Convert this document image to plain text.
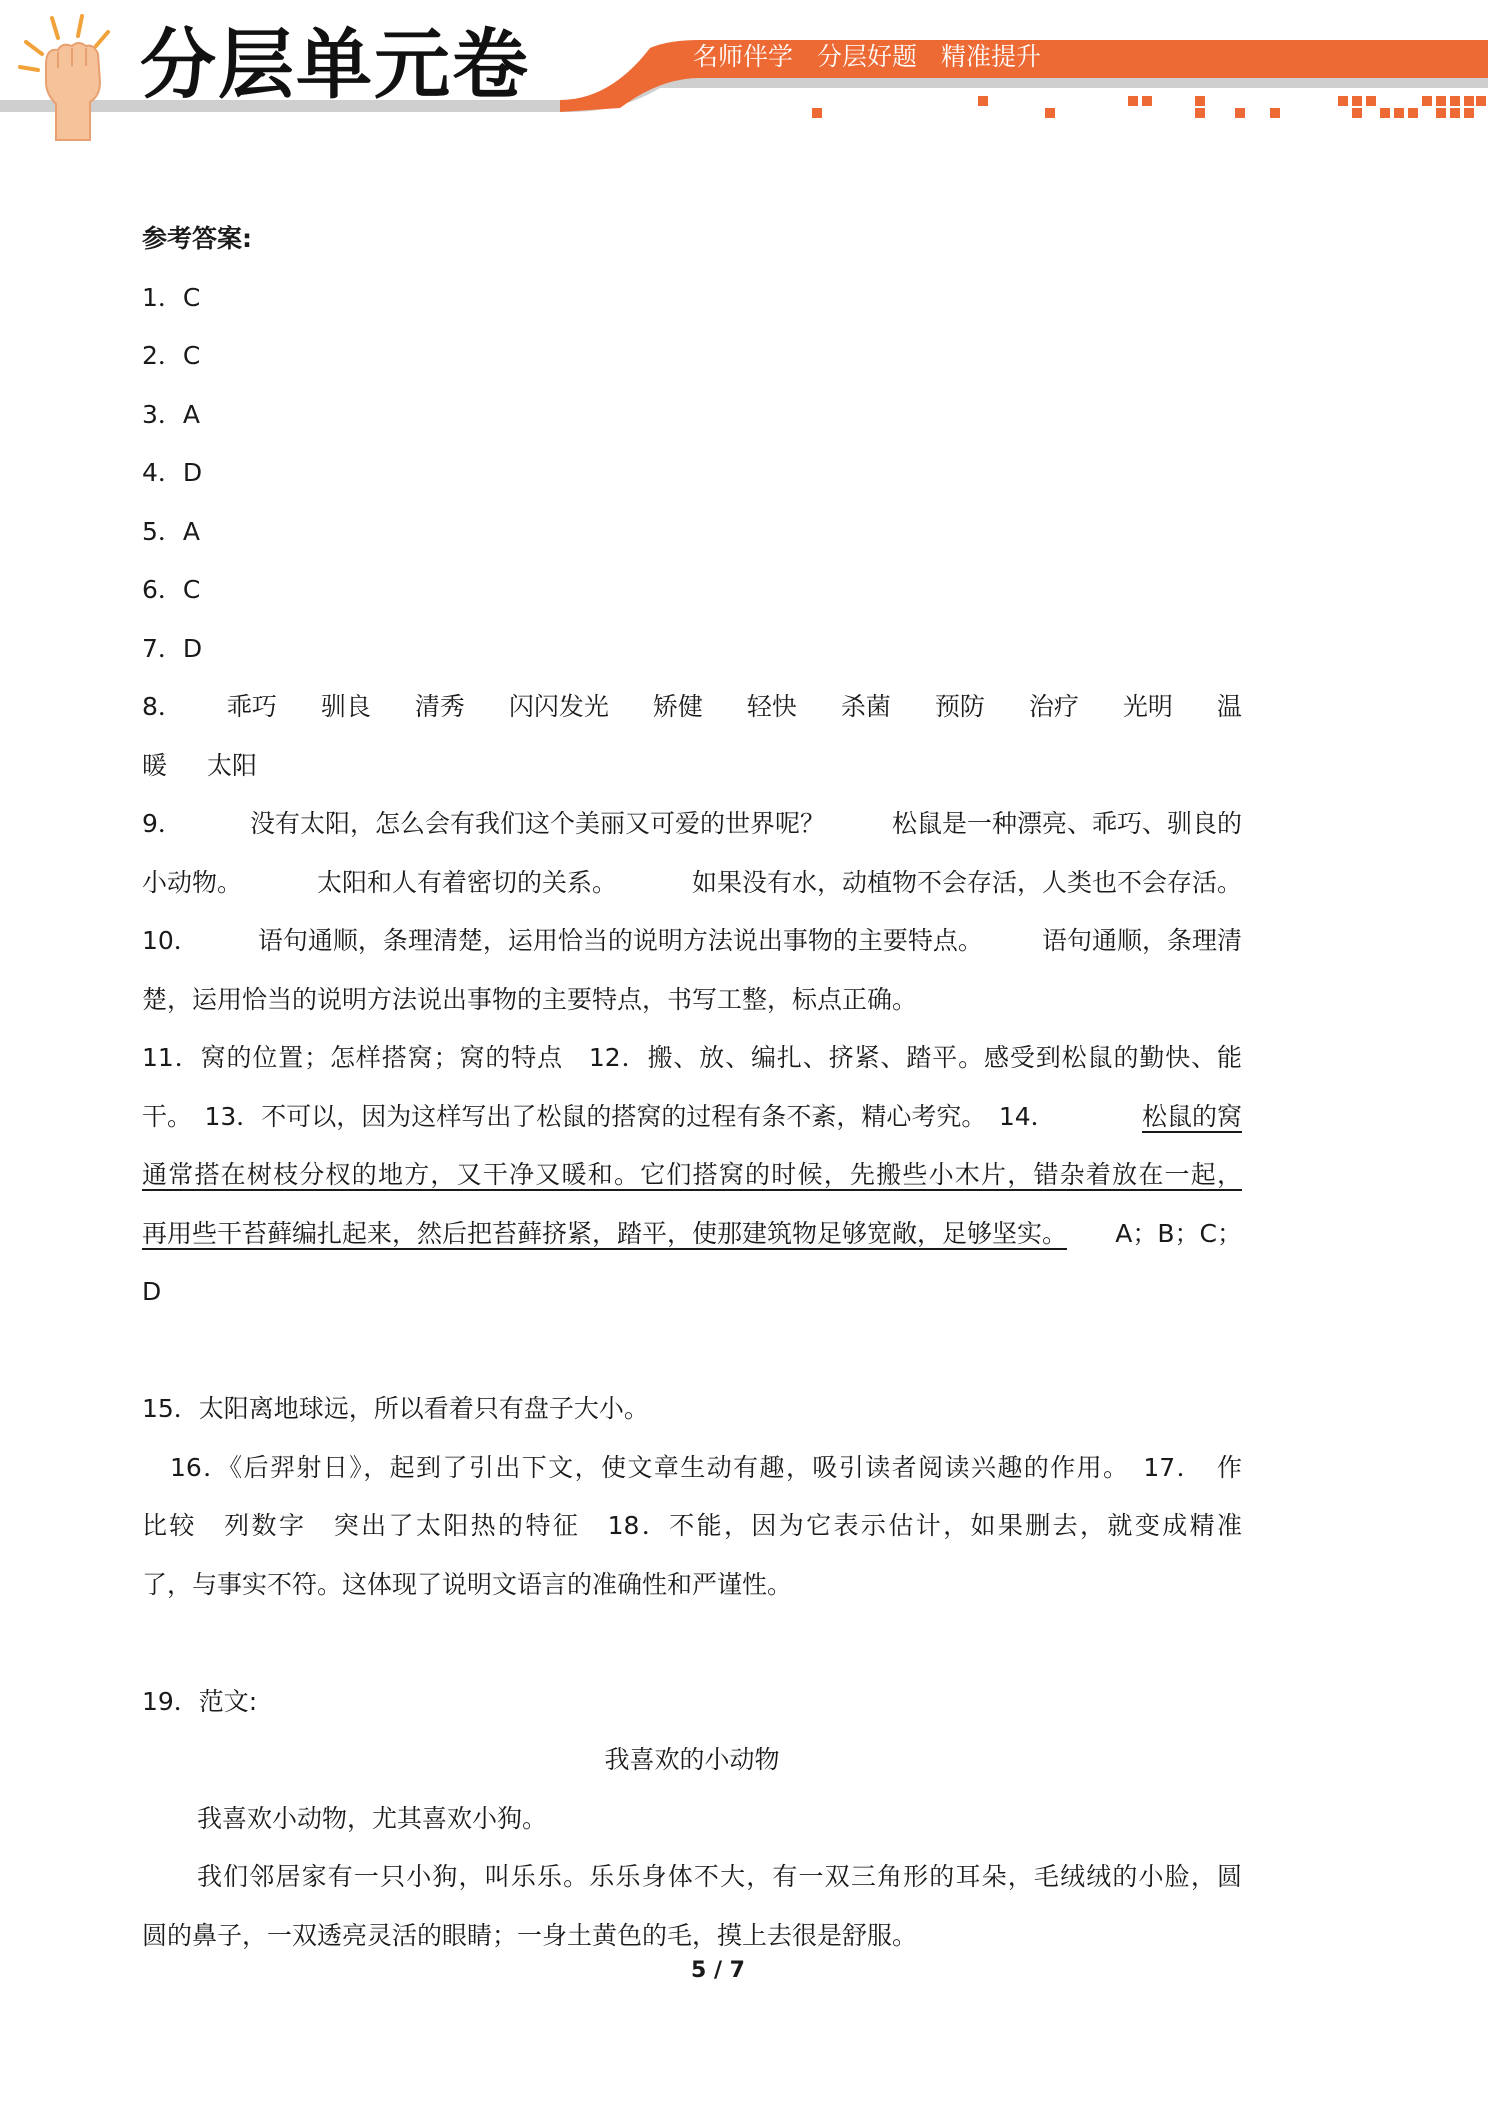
分层单元卷	名师伴学 分层好题 精准提升
参考答案:
1．C
2．C
3．A
4．D
5．A
6．C
7．D
8． 乖巧 驯良 清秀 闪闪发光 矫健 轻快 杀菌 预防 治疗 光明 温
暖 太阳
9．	没有太阳，怎么会有我们这个美丽又可爱的世界呢？	松鼠是一种漂亮、乖巧、驯良的
小动物。	太阳和人有着密切的关系。	如果没有水，动植物不会存活，人类也不会存活。
10． 语句通顺，条理清楚，运用恰当的说明方法说出事物的主要特点。 语句通顺，条理清
楚，运用恰当的说明方法说出事物的主要特点，书写工整，标点正确。
11．窝的位置；怎样搭窝；窝的特点　12．搬、放、编扎、挤紧、踏平。感受到松鼠的勤快、能
干。　13．不可以，因为这样写出了松鼠的搭窝的过程有条不紊，精心考究。　14．	松鼠的窝
通常搭在树枝分杈的地方，又干净又暖和。它们搭窝的时候，先搬些小木片，错杂着放在一起，
再用些干苔藓编扎起来，然后把苔藓挤紧，踏平，使那建筑物足够宽敞，足够坚实。 A；B；C；
D
15．太阳离地球远，所以看着只有盘子大小。
16．《后羿射日》，起到了引出下文，使文章生动有趣，吸引读者阅读兴趣的作用。　17．　作
比较　列数字　突出了太阳热的特征　18．不能，因为它表示估计，如果删去，就变成精准
了，与事实不符。这体现了说明文语言的准确性和严谨性。
19．范文:
我喜欢的小动物
我喜欢小动物，尤其喜欢小狗。
我们邻居家有一只小狗，叫乐乐。乐乐身体不大，有一双三角形的耳朵，毛绒绒的小脸，圆
圆的鼻子，一双透亮灵活的眼睛；一身土黄色的毛，摸上去很是舒服。
5 / 7
